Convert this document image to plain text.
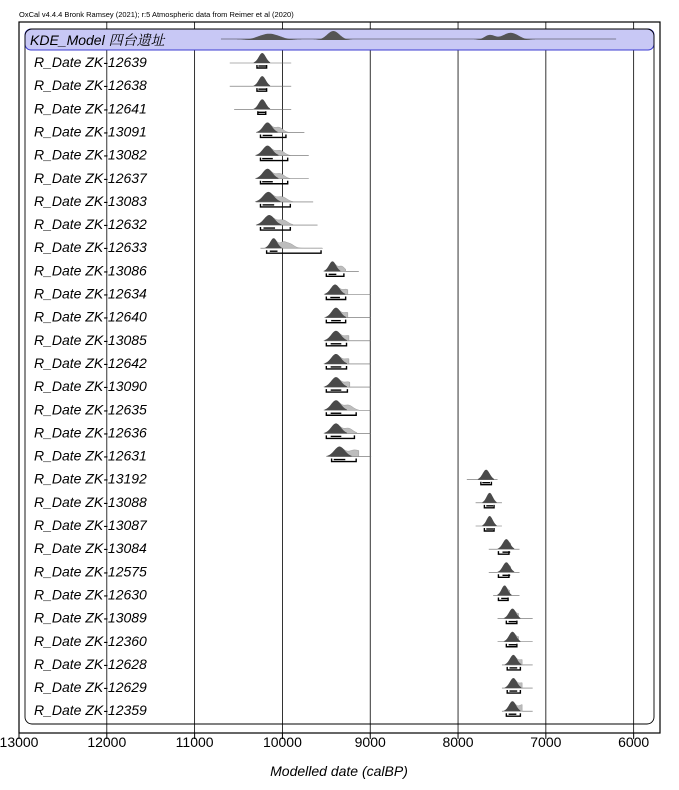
OxCal v4.4.4 Bronk Ramsey (2021); r:5 Atmospheric data from Reimer et al (2020)
KDE_Model 四台遗址
R_Date ZK-12639
R_Date ZK-12638
R_Date ZK-12641
R_Date ZK-13091
R_Date ZK-13082
R_Date ZK-12637
R_Date ZK-13083
R_Date ZK-12632
R_Date ZK-12633
R_Date ZK-13086
R_Date ZK-12634
R_Date ZK-12640
R_Date ZK-13085
R_Date ZK-12642
R_Date ZK-13090
R_Date ZK-12635
R_Date ZK-12636
R_Date ZK-12631
R_Date ZK-13192
R_Date ZK-13088
R_Date ZK-13087
R_Date ZK-13084
R_Date ZK-12575
R_Date ZK-12630
R_Date ZK-13089
R_Date ZK-12360
R_Date ZK-12628
R_Date ZK-12629
R_Date ZK-12359
13000	12000	11000	10000	9000	8000	7000	6000
Modelled date (calBP)
